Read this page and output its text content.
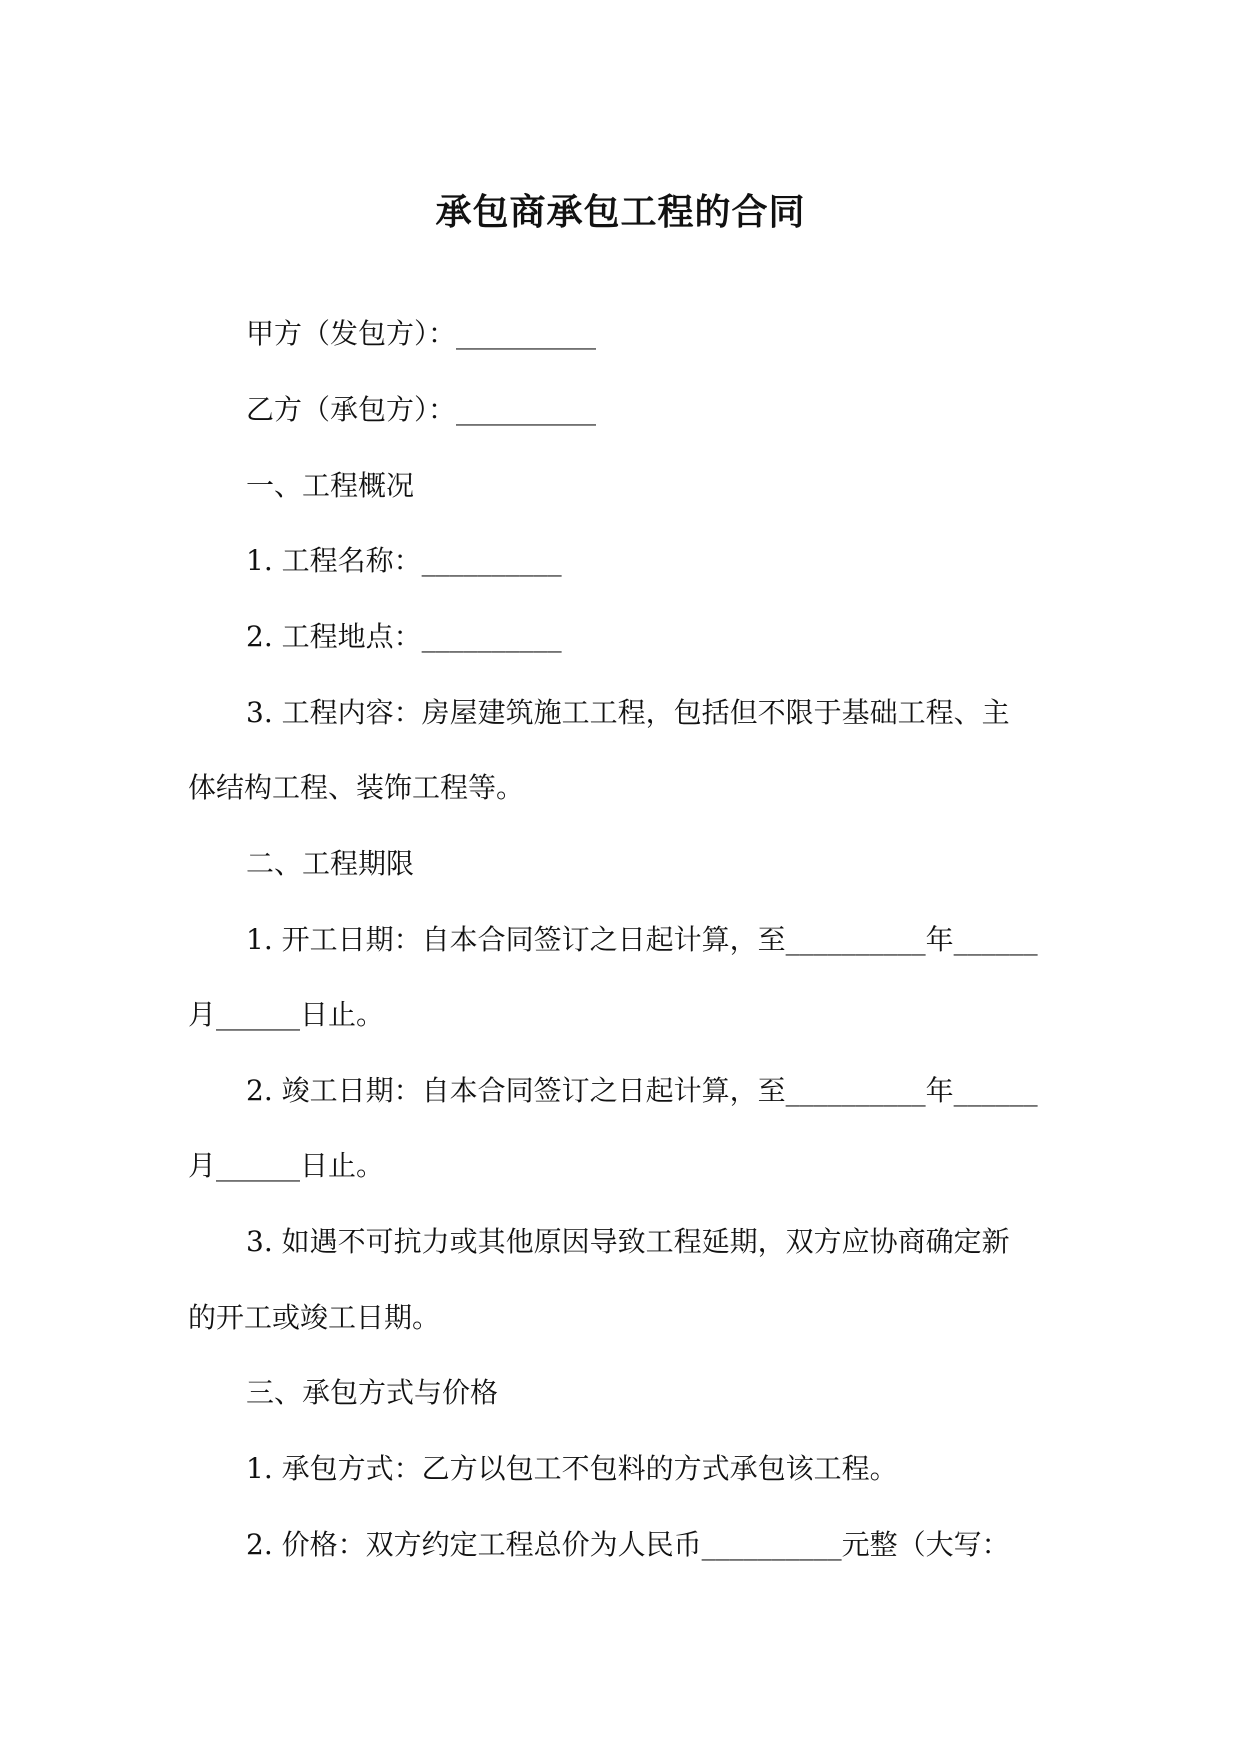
承包商承包工程的合同
甲方（发包方）：__________
乙方（承包方）：__________
一、工程概况
1. 工程名称：__________
2. 工程地点：__________
3. 工程内容：房屋建筑施工工程，包括但不限于基础工程、主
体结构工程、装饰工程等。
二、工程期限
1. 开工日期：自本合同签订之日起计算，至__________年______
月______日止。
2. 竣工日期：自本合同签订之日起计算，至__________年______
月______日止。
3. 如遇不可抗力或其他原因导致工程延期，双方应协商确定新
的开工或竣工日期。
三、承包方式与价格
1. 承包方式：乙方以包工不包料的方式承包该工程。
2. 价格：双方约定工程总价为人民币__________元整（大写：
